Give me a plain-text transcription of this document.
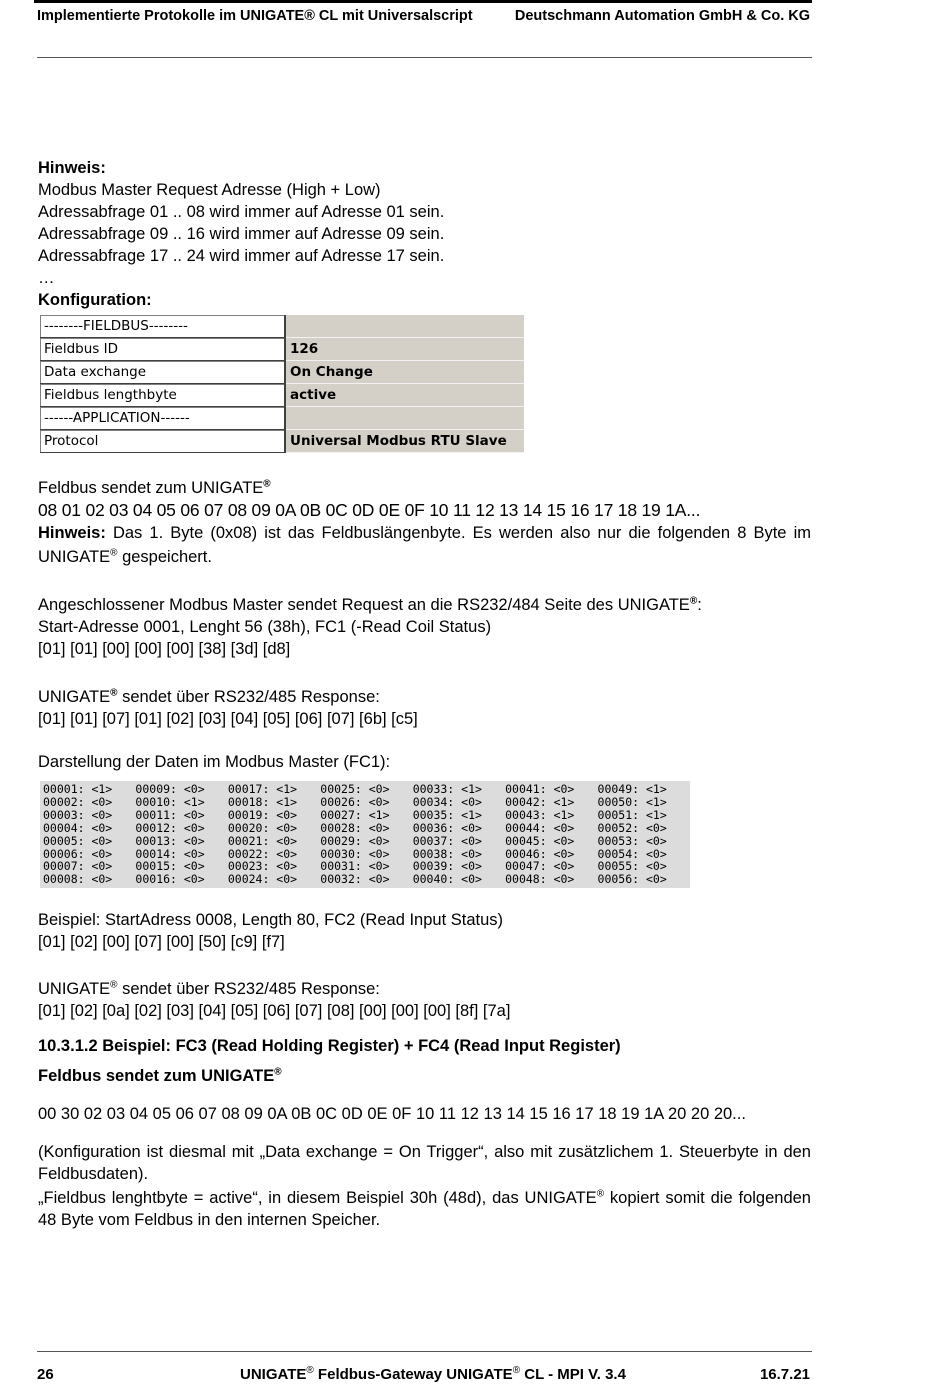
Implementierte Protokolle im UNIGATE® CL mit Universalscript	Deutschmann Automation GmbH & Co. KG

Hinweis:

Modbus Master Request Adresse (High + Low)

Adressabfrage 01 .. 08 wird immer auf Adresse 01 sein.

Adressabfrage 09 .. 16 wird immer auf Adresse 09 sein.

Adressabfrage 17 .. 24 wird immer auf Adresse 17 sein.

…

Konfiguration:

--------FIELDBUS--------	
Fieldbus ID	126
Data exchange	On Change
Fieldbus lengthbyte	active
------APPLICATION------	
Protocol	Universal Modbus RTU Slave

Feldbus sendet zum UNIGATE®

08 01 02 03 04 05 06 07 08 09 0A 0B 0C 0D 0E 0F 10 11 12 13 14 15 16 17 18 19 1A...

Hinweis: Das 1. Byte (0x08) ist das Feldbuslängenbyte. Es werden also nur die folgenden 8 Byte im UNIGATE® gespeichert.

Angeschlossener Modbus Master sendet Request an die RS232/484 Seite des UNIGATE®:

Start-Adresse 0001, Lenght 56 (38h), FC1 (-Read Coil Status)

[01] [01] [00] [00] [00] [38] [3d] [d8]

UNIGATE® sendet über RS232/485 Response:

[01] [01] [07] [01] [02] [03] [04] [05] [06] [07] [6b] [c5]

Darstellung der Daten im Modbus Master (FC1):

00001: <1>	00009: <0>	00017: <1>	00025: <0>	00033: <1>	00041: <0>	00049: <1>
00002: <0>	00010: <1>	00018: <1>	00026: <0>	00034: <0>	00042: <1>	00050: <1>
00003: <0>	00011: <0>	00019: <0>	00027: <1>	00035: <1>	00043: <1>	00051: <1>
00004: <0>	00012: <0>	00020: <0>	00028: <0>	00036: <0>	00044: <0>	00052: <0>
00005: <0>	00013: <0>	00021: <0>	00029: <0>	00037: <0>	00045: <0>	00053: <0>
00006: <0>	00014: <0>	00022: <0>	00030: <0>	00038: <0>	00046: <0>	00054: <0>
00007: <0>	00015: <0>	00023: <0>	00031: <0>	00039: <0>	00047: <0>	00055: <0>
00008: <0>	00016: <0>	00024: <0>	00032: <0>	00040: <0>	00048: <0>	00056: <0>

Beispiel: StartAdress 0008, Length 80, FC2 (Read Input Status)

[01] [02] [00] [07] [00] [50] [c9] [f7]

UNIGATE® sendet über RS232/485 Response:

[01] [02] [0a] [02] [03] [04] [05] [06] [07] [08] [00] [00] [00] [8f] [7a]

10.3.1.2 Beispiel: FC3 (Read Holding Register) + FC4 (Read Input Register)

Feldbus sendet zum UNIGATE®

00 30 02 03 04 05 06 07 08 09 0A 0B 0C 0D 0E 0F 10 11 12 13 14 15 16 17 18 19 1A 20 20 20...

(Konfiguration ist diesmal mit „Data exchange = On Trigger“, also mit zusätzlichem 1. Steuerbyte in den Feldbusdaten).

„Fieldbus lenghtbyte = active“, in diesem Beispiel 30h (48d), das UNIGATE® kopiert somit die folgenden 48 Byte vom Feldbus in den internen Speicher.

26	UNIGATE® Feldbus-Gateway UNIGATE® CL - MPI V. 3.4	16.7.21
